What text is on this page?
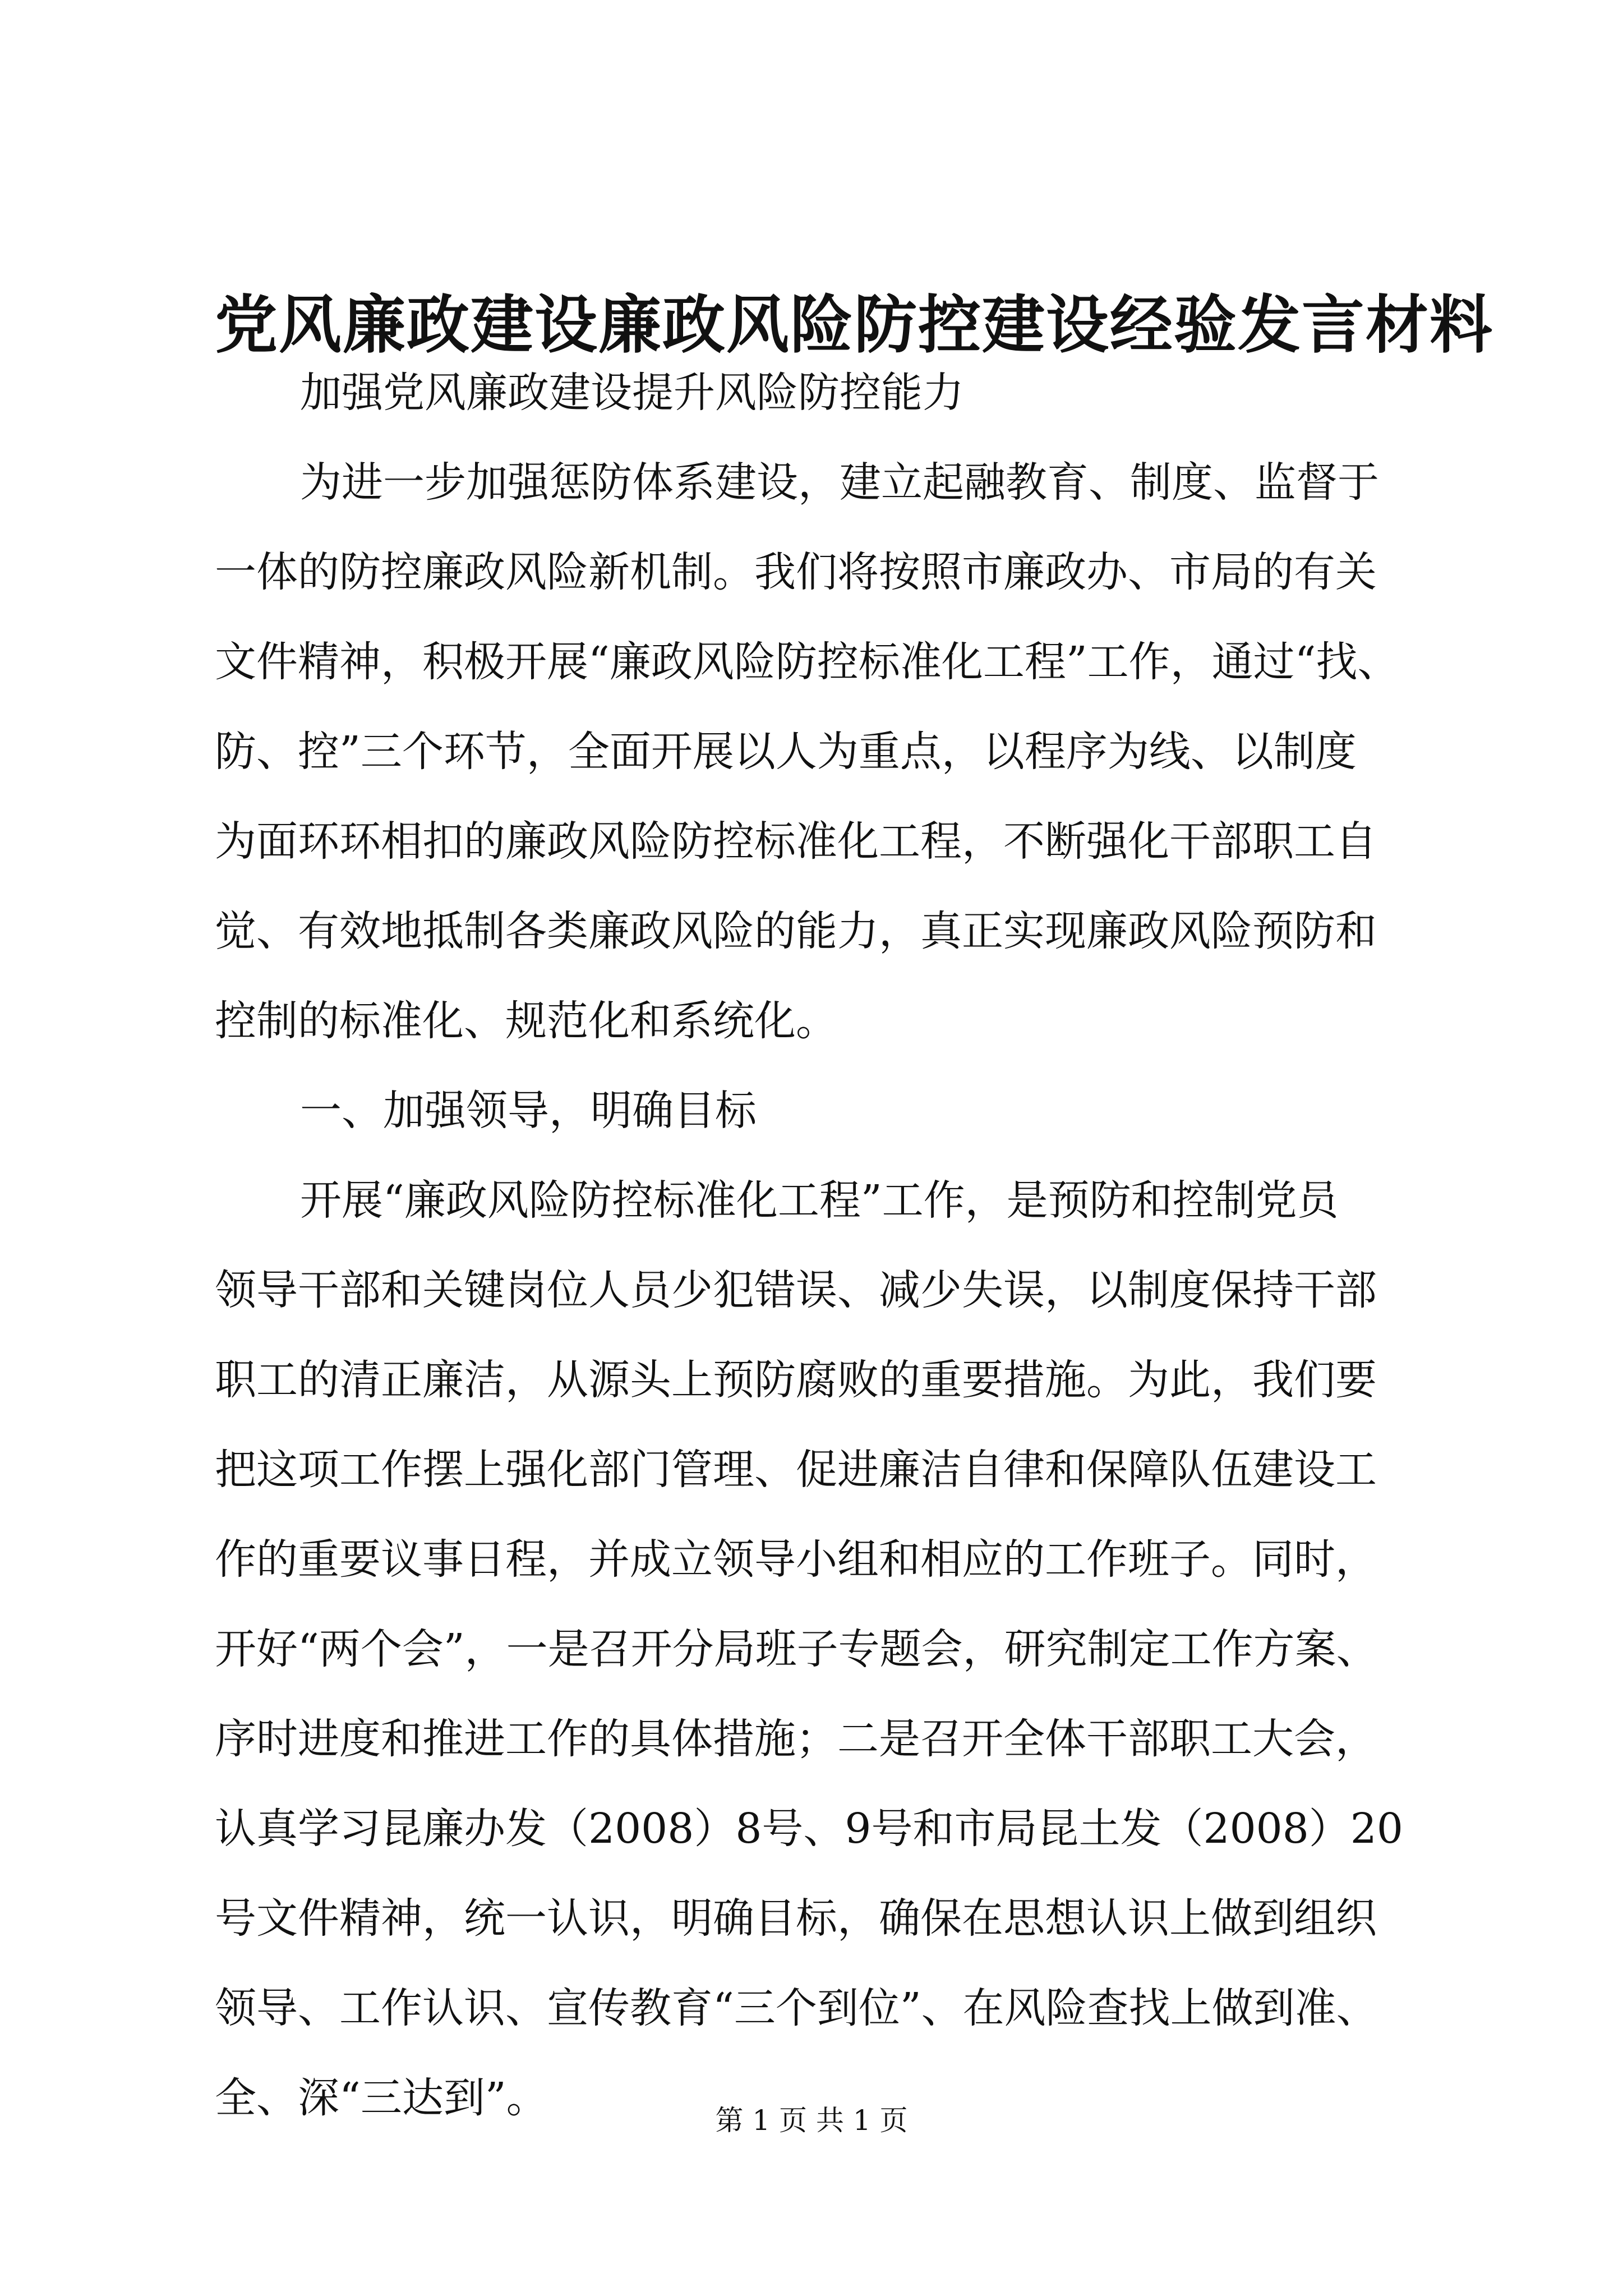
党风廉政建设廉政风险防控建设经验发言材料

加强党风廉政建设提升风险防控能力

为进一步加强惩防体系建设，建立起融教育、制度、监督于
一体的防控廉政风险新机制。我们将按照市廉政办、市局的有关
文件精神，积极开展“廉政风险防控标准化工程”工作，通过“找、
防、控”三个环节，全面开展以人为重点，以程序为线、以制度
为面环环相扣的廉政风险防控标准化工程，不断强化干部职工自
觉、有效地抵制各类廉政风险的能力，真正实现廉政风险预防和
控制的标准化、规范化和系统化。

一、加强领导，明确目标

开展“廉政风险防控标准化工程”工作，是预防和控制党员
领导干部和关键岗位人员少犯错误、减少失误，以制度保持干部
职工的清正廉洁，从源头上预防腐败的重要措施。为此，我们要
把这项工作摆上强化部门管理、促进廉洁自律和保障队伍建设工
作的重要议事日程，并成立领导小组和相应的工作班子。同时，
开好“两个会”，一是召开分局班子专题会，研究制定工作方案、
序时进度和推进工作的具体措施；二是召开全体干部职工大会，
认真学习昆廉办发（2008）8号、9号和市局昆土发（2008）20
号文件精神，统一认识，明确目标，确保在思想认识上做到组织
领导、工作认识、宣传教育“三个到位”、在风险查找上做到准、
全、深“三达到”。	第 1 页 共 1 页
